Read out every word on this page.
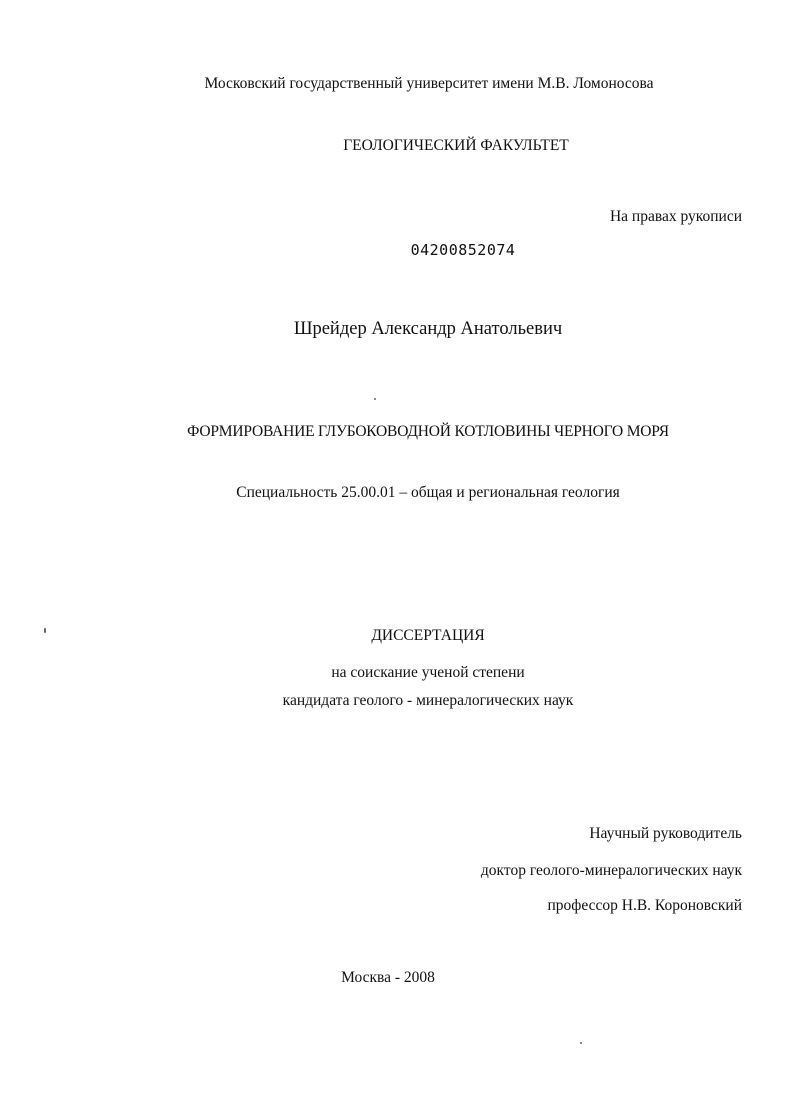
Московский государственный университет имени М.В. Ломоносова
ГЕОЛОГИЧЕСКИЙ ФАКУЛЬТЕТ
На правах рукописи
04200852074
Шрейдер Александр Анатольевич
ФОРМИРОВАНИЕ ГЛУБОКОВОДНОЙ КОТЛОВИНЫ ЧЕРНОГО МОРЯ
Специальность 25.00.01 – общая и региональная геология
ДИССЕРТАЦИЯ
на соискание ученой степени
кандидата геолого - минералогических наук
Научный руководитель
доктор геолого-минералогических наук
профессор Н.В. Короновский
Москва - 2008
